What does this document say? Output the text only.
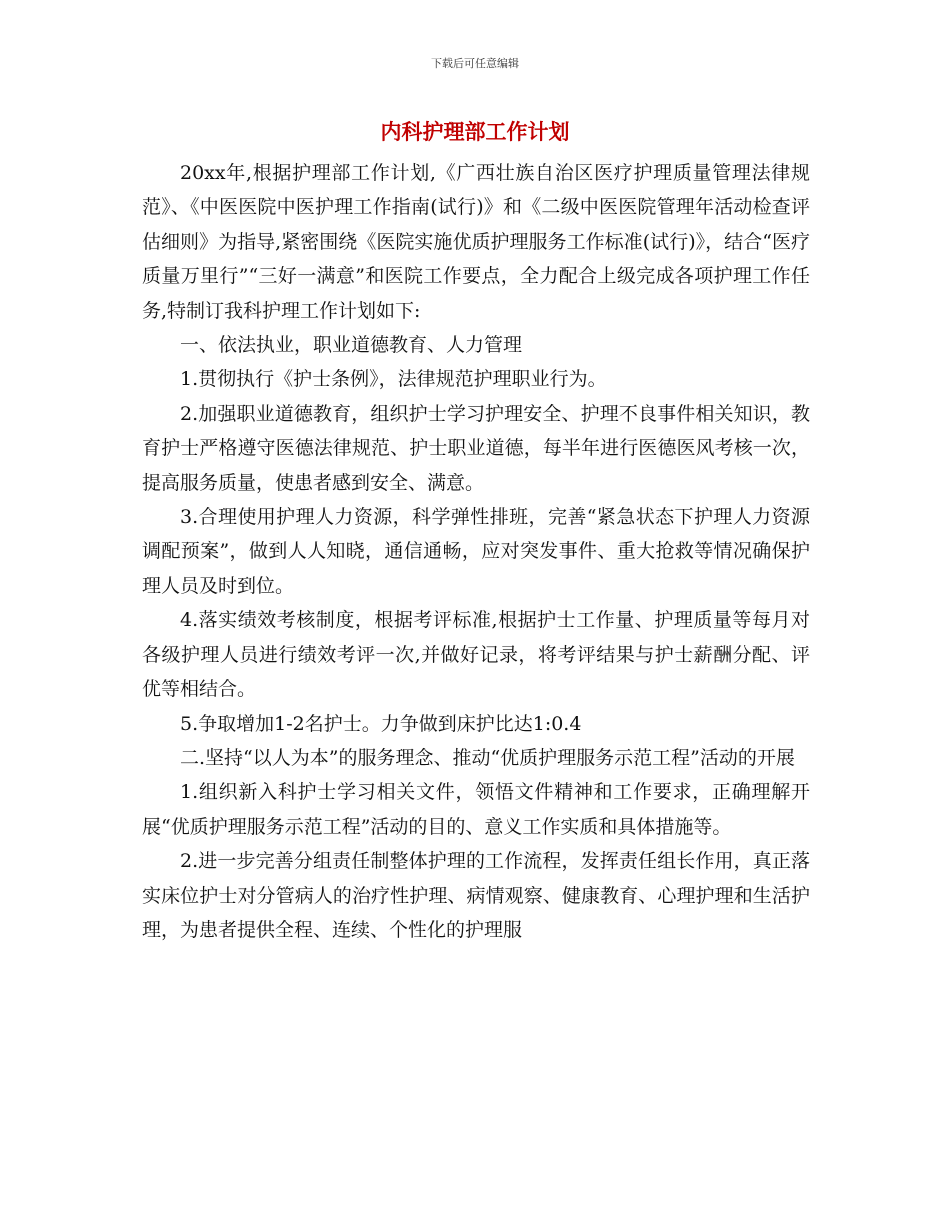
下载后可任意编辑
内科护理部工作计划

20xx年,根据护理部工作计划,《广西壮族自治区医疗护理质量管理法律规范》、《中医医院中医护理工作指南(试行)》和《二级中医医院管理年活动检查评估细则》为指导,紧密围绕《医院实施优质护理服务工作标准(试行)》，结合“医疗质量万里行”“三好一满意”和医院工作要点，全力配合上级完成各项护理工作任务,特制订我科护理工作计划如下:

一、依法执业，职业道德教育、人力管理

1.贯彻执行《护士条例》，法律规范护理职业行为。

2.加强职业道德教育，组织护士学习护理安全、护理不良事件相关知识，教育护士严格遵守医德法律规范、护士职业道德，每半年进行医德医风考核一次，提高服务质量，使患者感到安全、满意。

3.合理使用护理人力资源，科学弹性排班，完善“紧急状态下护理人力资源调配预案”，做到人人知晓，通信通畅，应对突发事件、重大抢救等情况确保护理人员及时到位。

4.落实绩效考核制度，根据考评标准,根据护士工作量、护理质量等每月对各级护理人员进行绩效考评一次,并做好记录，将考评结果与护士薪酬分配、评优等相结合。

5.争取增加1-2名护士。力争做到床护比达1:0.4

二.坚持“以人为本”的服务理念、推动“优质护理服务示范工程”活动的开展

1.组织新入科护士学习相关文件，领悟文件精神和工作要求，正确理解开展“优质护理服务示范工程”活动的目的、意义工作实质和具体措施等。

2.进一步完善分组责任制整体护理的工作流程，发挥责任组长作用，真正落实床位护士对分管病人的治疗性护理、病情观察、健康教育、心理护理和生活护理，为患者提供全程、连续、个性化的护理服
